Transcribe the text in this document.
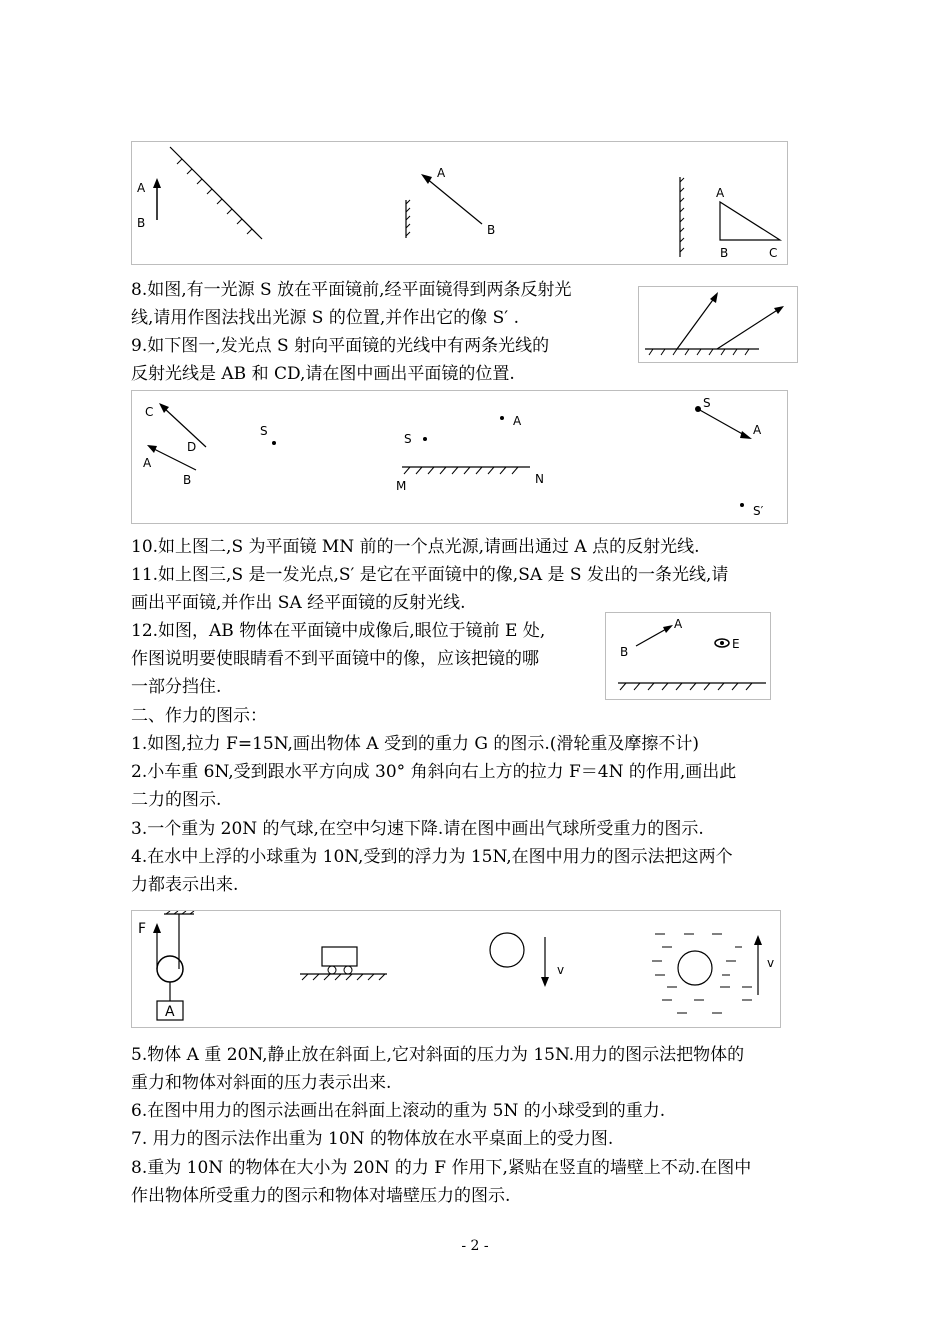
A
B
A
B
A
B	C
8.如图,有一光源 S 放在平面镜前,经平面镜得到两条反射光
线,请用作图法找出光源 S 的位置,并作出它的像 S′ .
9.如下图一,发光点 S 射向平面镜的光线中有两条光线的
反射光线是 AB 和 CD,请在图中画出平面镜的位置.
C
D
A
B
S
S
A
M	N
S
A
S′
10.如上图二,S 为平面镜 MN 前的一个点光源,请画出通过 A 点的反射光线.
11.如上图三,S 是一发光点,S′ 是它在平面镜中的像,SA 是 S 发出的一条光线,请
画出平面镜,并作出 SA 经平面镜的反射光线.
12.如图，AB 物体在平面镜中成像后,眼位于镜前 E 处,
作图说明要使眼睛看不到平面镜中的像，应该把镜的哪
一部分挡住.
A
B
E
二、作力的图示：
1.如图,拉力 F=15N,画出物体 A 受到的重力 G 的图示.(滑轮重及摩擦不计)
2.小车重 6N,受到跟水平方向成 30° 角斜向右上方的拉力 F＝4N 的作用,画出此
二力的图示.
3.一个重为 20N 的气球,在空中匀速下降.请在图中画出气球所受重力的图示.
4.在水中上浮的小球重为 10N,受到的浮力为 15N,在图中用力的图示法把这两个
力都表示出来.
F
A
v	v
5.物体 A 重 20N,静止放在斜面上,它对斜面的压力为 15N.用力的图示法把物体的
重力和物体对斜面的压力表示出来.
6.在图中用力的图示法画出在斜面上滚动的重为 5N 的小球受到的重力.
7. 用力的图示法作出重为 10N 的物体放在水平桌面上的受力图.
8.重为 10N 的物体在大小为 20N 的力 F 作用下,紧贴在竖直的墙壁上不动.在图中
作出物体所受重力的图示和物体对墙壁压力的图示.
- 2 -
